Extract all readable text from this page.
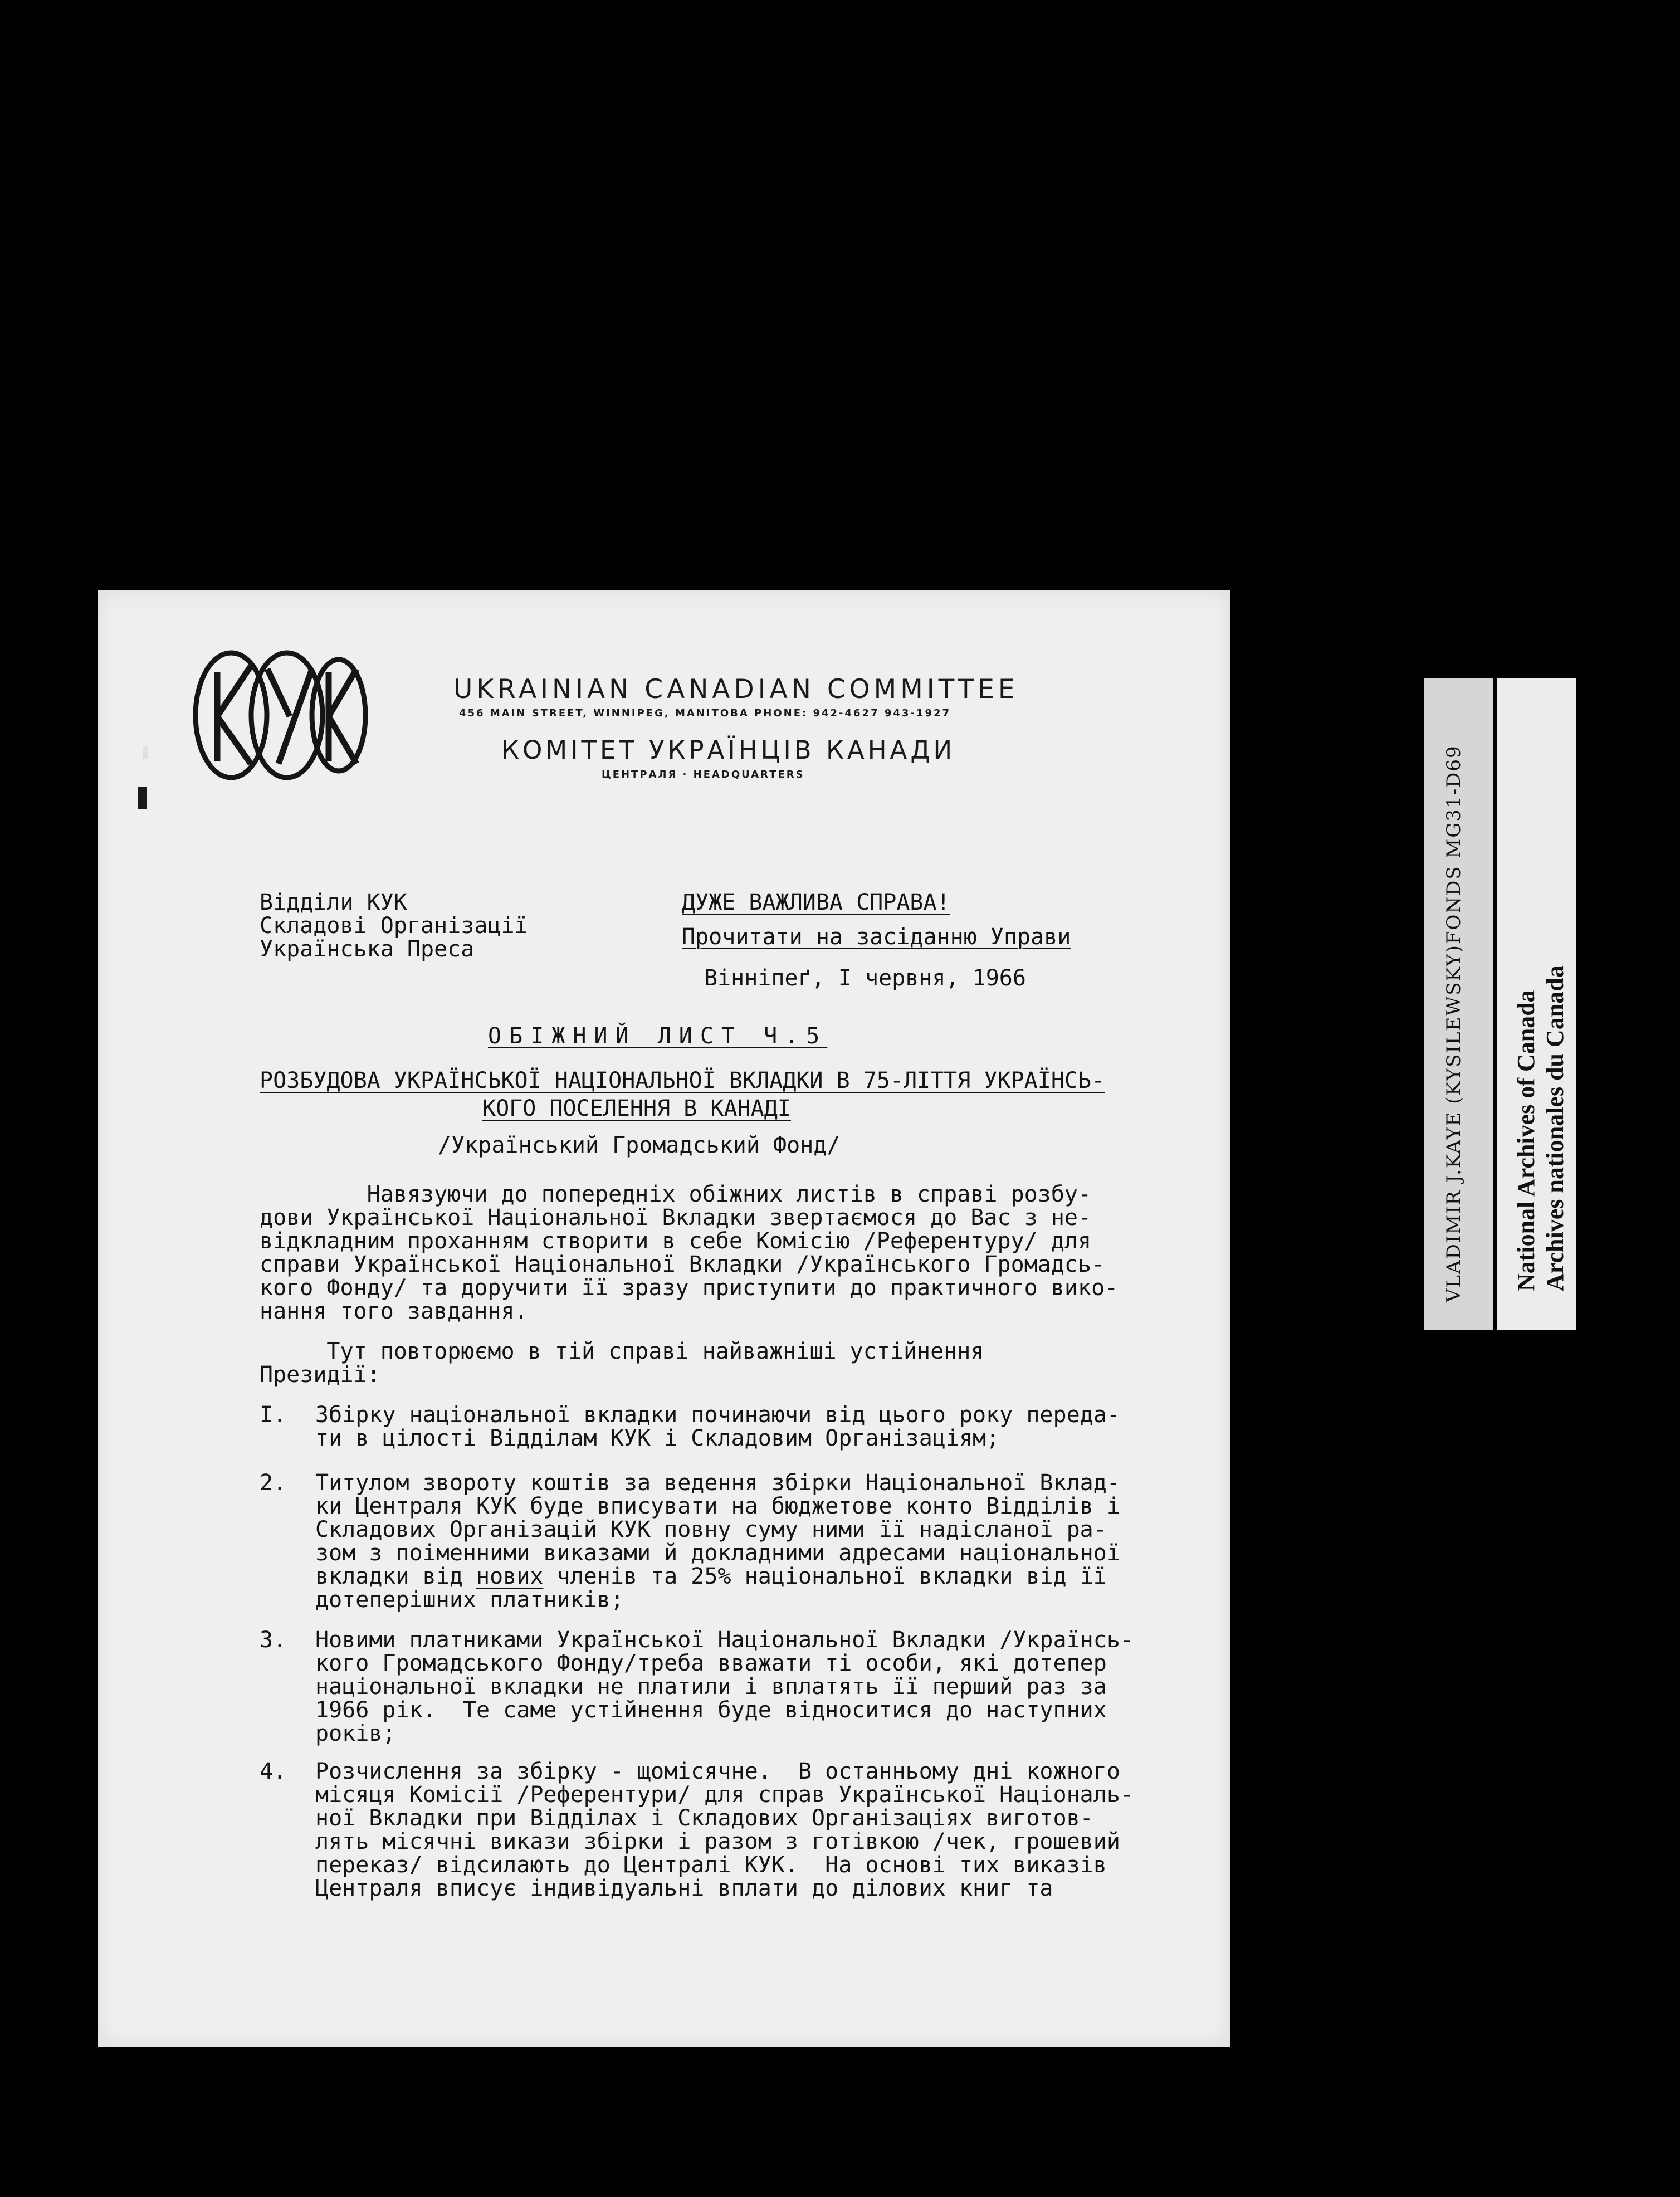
UKRAINIAN CANADIAN COMMITTEE
456 MAIN STREET, WINNIPEG, MANITOBA PHONE: 942-4627 943-1927
КОМІТЕТ УКРАЇНЦІВ КАНАДИ
ЦЕНТРАЛЯ · HEADQUARTERS
Відділи КУК
Складові Організації
Українська Преса
ДУЖЕ ВАЖЛИВА СПРАВА!
Прочитати на засіданню Управи
Вінніпеґ, I червня, 1966
ОБІЖНИЙ ЛИСТ Ч.5
РОЗБУДОВА УКРАЇНСЬКОЇ НАЦІОНАЛЬНОЇ ВКЛАДКИ В 75-ЛІТТЯ УКРАЇНСЬ-
КОГО ПОСЕЛЕННЯ В КАНАДІ
/Український Громадський Фонд/
Навязуючи до попередніх обіжних листів в справі розбу-
дови Української Національної Вкладки звертаємося до Вас з не-
відкладним проханням створити в себе Комісію /Референтуру/ для
справи Української Національної Вкладки /Українського Громадсь-
кого Фонду/ та доручити її зразу приступити до практичного вико-
нання того завдання.
Тут повторюємо в тій справі найважніші устійнення
Президії:
I. Збірку національної вкладки починаючи від цього року переда-
ти в цілості Відділам КУК і Складовим Організаціям;
2. Титулом звороту коштів за ведення збірки Національної Вклад-
ки Централя КУК буде вписувати на бюджетове конто Відділів і
Складових Організацій КУК повну суму ними її надісланої ра-
зом з поіменними виказами й докладними адресами національної
вкладки від нових членів та 25% національної вкладки від її
дотеперішних платників;
3. Новими платниками Української Національної Вкладки /Українсь-
кого Громадського Фонду/треба вважати ті особи, які дотепер
національної вкладки не платили і вплатять її перший раз за
1966 рік.  Те саме устійнення буде відноситися до наступних
років;
4. Розчислення за збірку - щомісячне.  В останньому дні кожного
місяця Комісії /Референтури/ для справ Української Національ-
ної Вкладки при Відділах і Складових Організаціях виготов-
лять місячні викази збірки і разом з готівкою /чек, грошевий
переказ/ відсилають до Централі КУК.  На основі тих виказів
Централя вписує індивідуальні вплати до ділових книг та
VLADIMIR J.KAYE (KYSILEWSKY)FONDS MG31-D69 National Archives of Canada Archives nationales du Canada
